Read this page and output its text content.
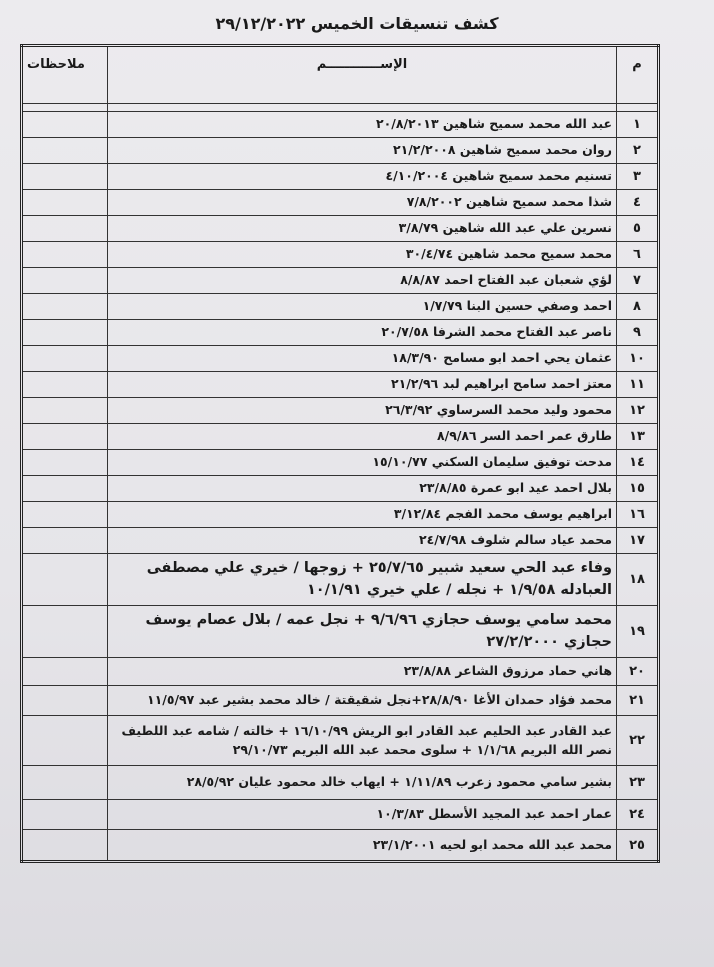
كشف تنسيقات الخميس ٢٩/١٢/٢٠٢٢
م	الإســــــــــــم	ملاحظات

١	عبد الله محمد سميح شاهين ٢٠/٨/٢٠١٣	
٢	روان محمد سميح شاهين ٢١/٢/٢٠٠٨	
٣	تسنيم محمد سميح شاهين ٤/١٠/٢٠٠٤	
٤	شذا محمد سميح شاهين ٧/٨/٢٠٠٢	
٥	نسرين علي عبد الله شاهين ٣/٨/٧٩	
٦	محمد سميح محمد شاهين ٣٠/٤/٧٤	
٧	لؤي شعبان عبد الفتاح احمد ٨/٨/٨٧	
٨	احمد وصفي حسين البنا ١/٧/٧٩	
٩	ناصر عبد الفتاح محمد الشرفا ٢٠/٧/٥٨	
١٠	عثمان يحي احمد ابو مسامح ١٨/٣/٩٠	
١١	معتز احمد سامح ابراهيم لبد ٢١/٢/٩٦	
١٢	محمود وليد محمد السرساوي ٢٦/٣/٩٢	
١٣	طارق عمر احمد السر ٨/٩/٨٦	
١٤	مدحت توفيق سليمان السكني ١٥/١٠/٧٧	
١٥	بلال احمد عيد ابو عمرة ٢٣/٨/٨٥	
١٦	ابراهيم يوسف محمد الفجم ٣/١٢/٨٤	
١٧	محمد عياد سالم شلوف ٢٤/٧/٩٨	
١٨	وفاء عبد الحي سعيد شبير ٢٥/٧/٦٥ + زوجها / خيري علي مصطفى العبادله ١/٩/٥٨ + نجله / علي خيري ١٠/١/٩١	
١٩	محمد سامي يوسف حجازي ٩/٦/٩٦ + نجل عمه / بلال عصام يوسف حجازي ٢٧/٢/٢٠٠٠	
٢٠	هاني حماد مرزوق الشاعر ٢٣/٨/٨٨	
٢١	محمد فؤاد حمدان الأغا ٢٨/٨/٩٠+نجل شقيقتة / خالد محمد بشير عبد ١١/٥/٩٧	
٢٢	عبد القادر عبد الحليم عبد القادر ابو الريش ١٦/١٠/٩٩ + خالته / شامه عبد اللطيف نصر الله البريم ١/١/٦٨ + سلوى محمد عبد الله البريم ٢٩/١٠/٧٣	
٢٣	بشير سامي محمود زعرب ١/١١/٨٩ + ايهاب خالد محمود عليان ٢٨/٥/٩٢	
٢٤	عمار احمد عبد المجيد الأسطل ١٠/٣/٨٣	
٢٥	محمد عبد الله محمد ابو لحيه ٢٣/١/٢٠٠١	
